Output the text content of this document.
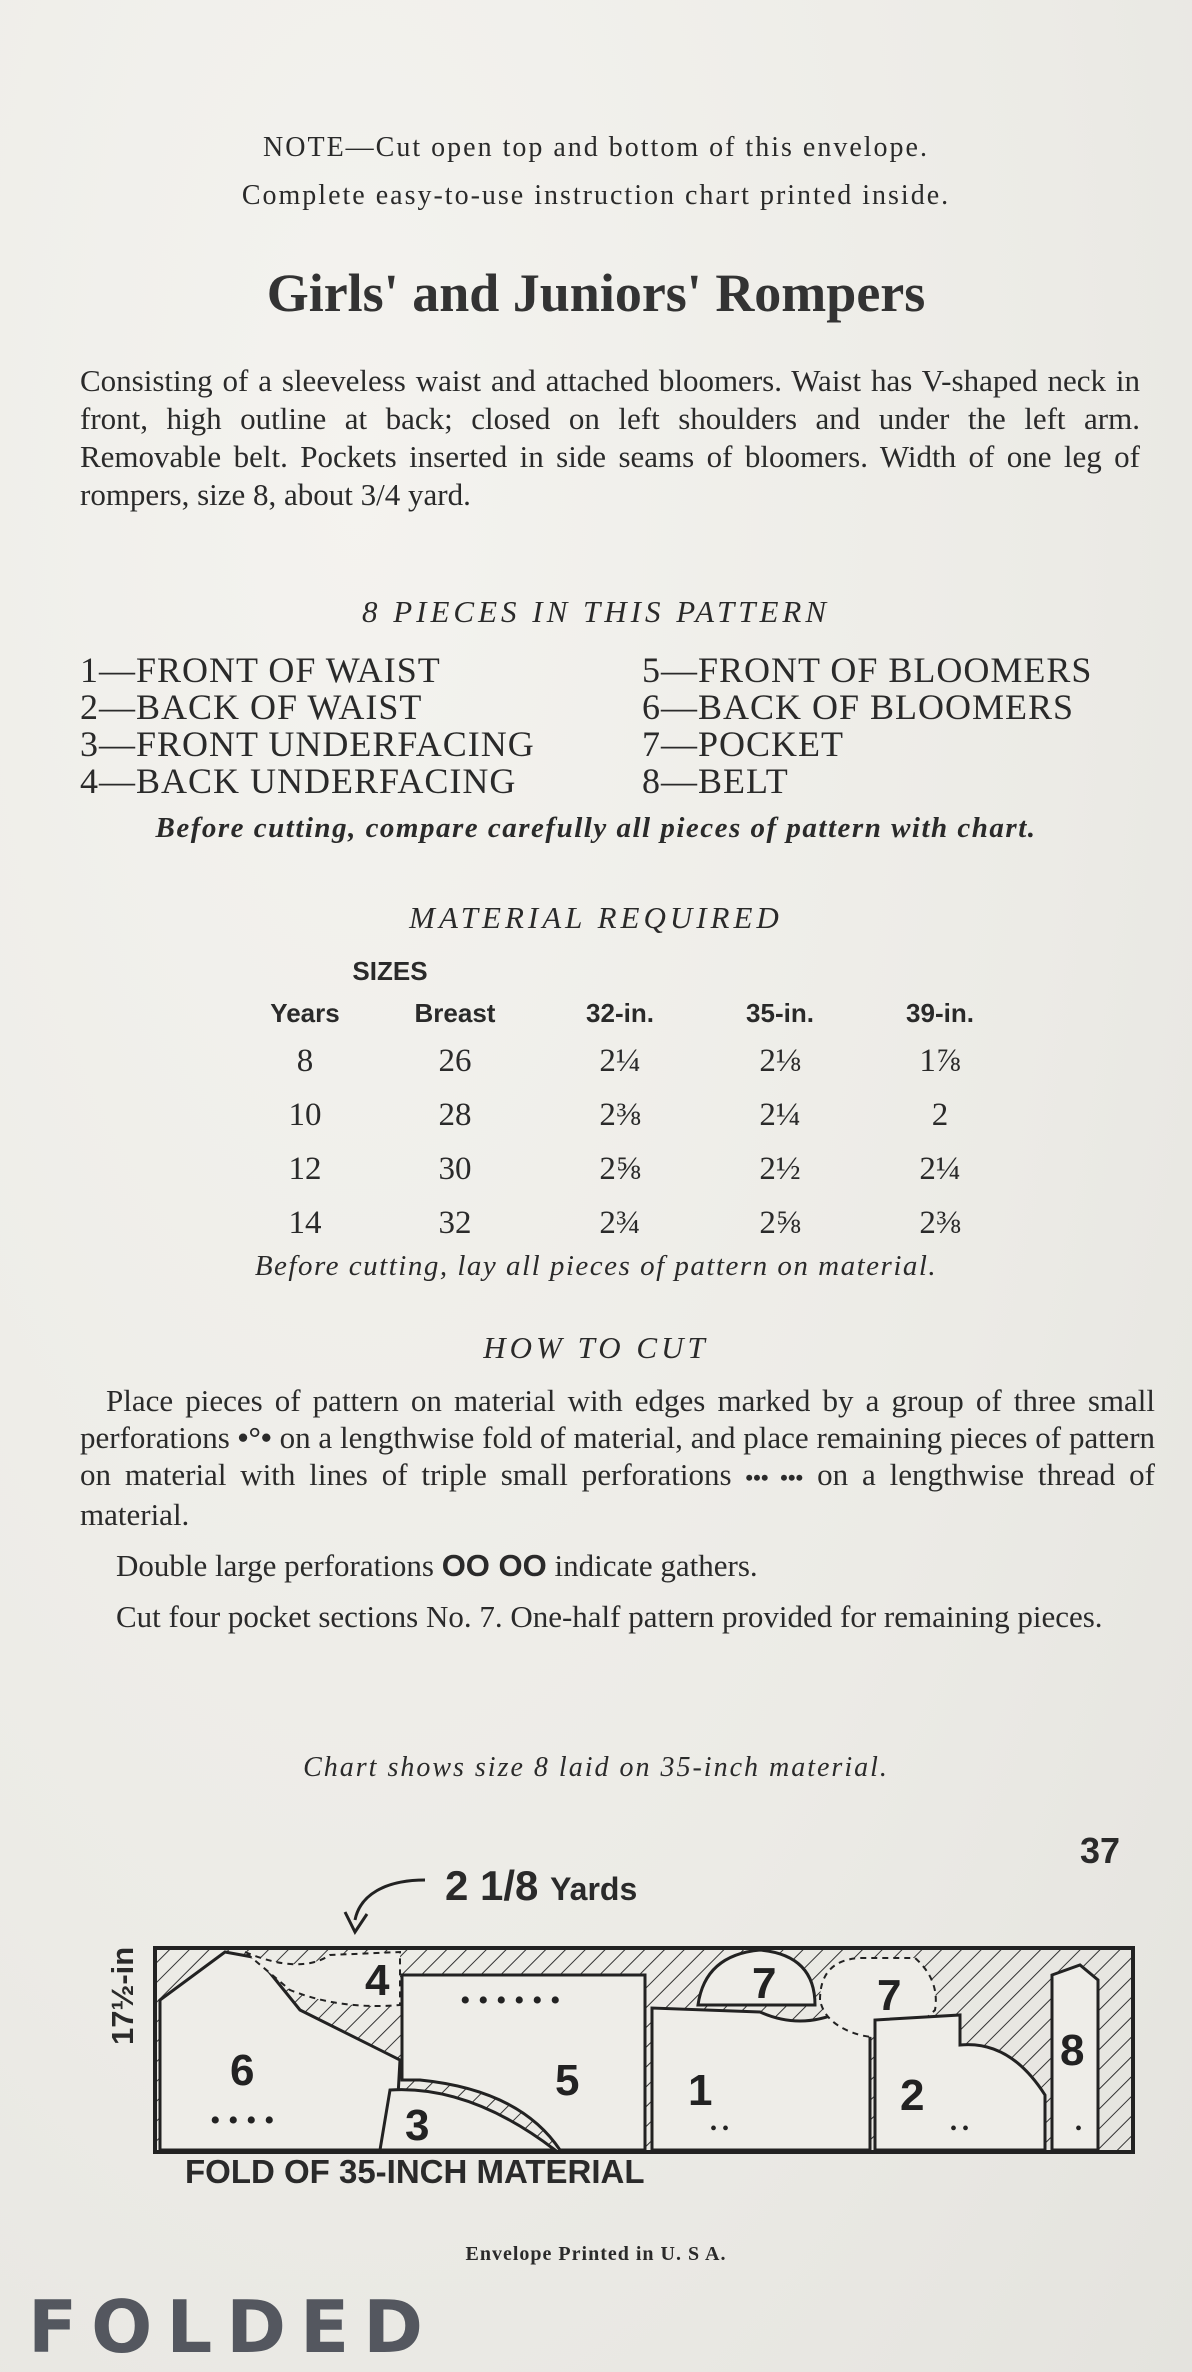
NOTE—Cut open top and bottom of this envelope.
Complete easy-to-use instruction chart printed inside.
Girls' and Juniors' Rompers
Consisting of a sleeveless waist and attached bloomers. Waist has V-shaped neck in front, high outline at back; closed on left shoulders and under the left arm. Removable belt. Pockets inserted in side seams of bloomers. Width of one leg of rompers, size 8, about 3/4 yard.
8 PIECES IN THIS PATTERN
1—FRONT OF WAIST
2—BACK OF WAIST
3—FRONT UNDERFACING
4—BACK UNDERFACING
5—FRONT OF BLOOMERS
6—BACK OF BLOOMERS
7—POCKET
8—BELT
Before cutting, compare carefully all pieces of pattern with chart.
MATERIAL REQUIRED
SIZES				
Years	Breast	32-in.	35-in.	39-in.
8	26	2¼	2⅛	1⅞
10	28	2⅜	2¼	2
12	30	2⅝	2½	2¼
14	32	2¾	2⅝	2⅜
Before cutting, lay all pieces of pattern on material.
HOW TO CUT

Place pieces of pattern on material with edges marked by a group of three small perforations •°• on a lengthwise fold of material, and place remaining pieces of pattern on material with lines of triple small perforations ••• ••• on a lengthwise thread of material.

Double large perforations OO OO indicate gathers.

Cut four pocket sections No. 7. One-half pattern provided for remaining pieces.

Chart shows size 8 laid on 35-inch material.
37
2 1/8 Yards
• • • •
• • • • • •
• •	• •	•
6
4
5
3
1
7 7
2
8
17½-in
FOLD OF 35-INCH MATERIAL
Envelope Printed in U. S A.
FOLDED
